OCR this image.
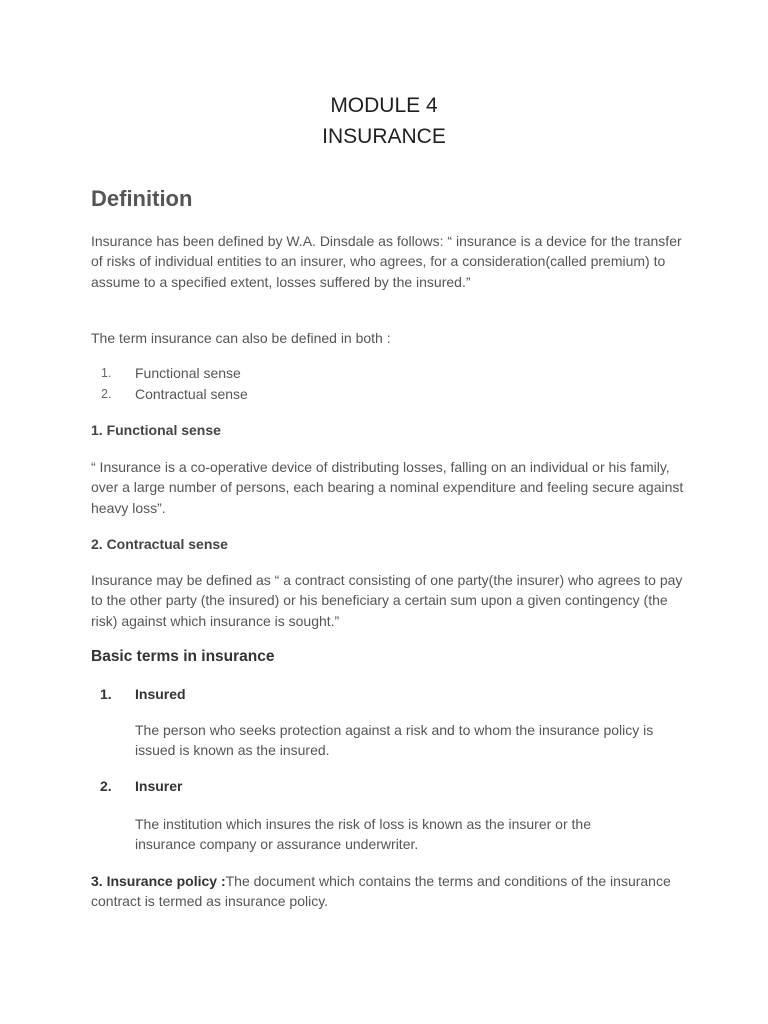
MODULE 4
INSURANCE
Definition
Insurance has been defined by W.A. Dinsdale as follows: “ insurance is a device for the transfer of risks of individual entities to an insurer, who agrees, for a consideration(called premium) to assume to a specified extent, losses suffered by the insured.”
The term insurance can also be defined in both :
1. Functional sense
2. Contractual sense
1. Functional sense
“ Insurance is a co-operative device of distributing losses, falling on an individual or his family, over a large number of persons, each bearing a nominal expenditure and feeling secure against heavy loss”.
2. Contractual sense
Insurance may be defined as “ a contract consisting of one party(the insurer) who agrees to pay to the other party (the insured) or his beneficiary a certain sum upon a given contingency (the risk) against which insurance is sought.”
Basic terms in insurance
1. Insured
The person who seeks protection against a risk and to whom the insurance policy is issued is known as the insured.
2. Insurer
The institution which insures the risk of loss is known as the insurer or the insurance company or assurance underwriter.
3. Insurance policy :The document which contains the terms and conditions of the insurance contract is termed as insurance policy.
